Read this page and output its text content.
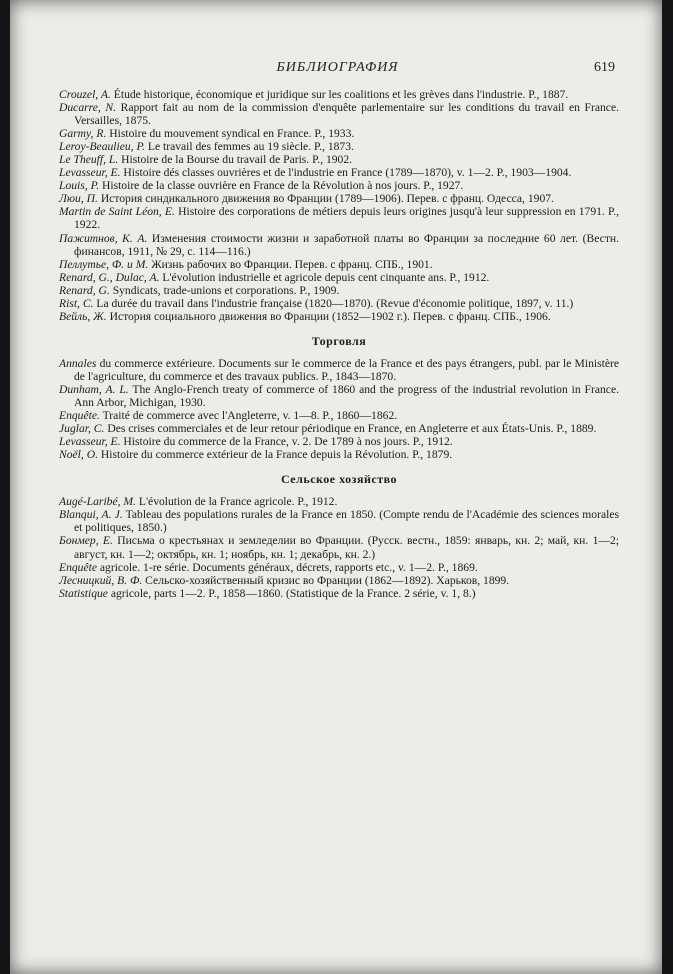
БИБЛИОГРАФИЯ	619
Crouzel, A. Étude historique, économique et juridique sur les coalitions et les grèves dans l'industrie. P., 1887.
Ducarre, N. Rapport fait au nom de la commission d'enquête parlementaire sur les conditions du travail en France. Versailles, 1875.
Garmy, R. Histoire du mouvement syndical en France. P., 1933.
Leroy-Beaulieu, P. Le travail des femmes au 19 siècle. P., 1873.
Le Theuff, L. Histoire de la Bourse du travail de Paris. P., 1902.
Levasseur, E. Histoire dés classes ouvrières et de l'industrie en France (1789—1870), v. 1—2. P., 1903—1904.
Louis, P. Histoire de la classe ouvrière en France de la Révolution à nos jours. P., 1927.
Люи, П. История синдикального движения во Франции (1789—1906). Перев. с франц. Одесса, 1907.
Martin de Saint Léon, E. Histoire des corporations de métiers depuis leurs origines jusqu'à leur suppression en 1791. P., 1922.
Пажитнов, К. А. Изменения стоимости жизни и заработной платы во Франции за последние 60 лет. (Вестн. финансов, 1911, № 29, с. 114—116.)
Пеллутье, Ф. и М. Жизнь рабочих во Франции. Перев. с франц. СПБ., 1901.
Renard, G., Dulac, A. L'évolution industrielle et agricole depuis cent cinquante ans. P., 1912.
Renard, G. Syndicats, trade-unions et corporations. P., 1909.
Rist, C. La durée du travail dans l'industrie française (1820—1870). (Revue d'économie politique, 1897, v. 11.)
Вейль, Ж. История социального движения во Франции (1852—1902 г.). Перев. с франц. СПБ., 1906.
Торговля
Annales du commerce extérieure. Documents sur le commerce de la France et des pays étrangers, publ. par le Ministère de l'agriculture, du commerce et des travaux publics. P., 1843—1870.
Dunham, A. L. The Anglo-French treaty of commerce of 1860 and the progress of the industrial revolution in France. Ann Arbor, Michigan, 1930.
Enquête. Traité de commerce avec l'Angleterre, v. 1—8. P., 1860—1862.
Juglar, C. Des crises commerciales et de leur retour périodique en France, en Angleterre et aux États-Unis. P., 1889.
Levasseur, E. Histoire du commerce de la France, v. 2. De 1789 à nos jours. P., 1912.
Noël, O. Histoire du commerce extérieur de la France depuis la Révolution. P., 1879.
Сельское хозяйство
Augé-Laribé, M. L'évolution de la France agricole. P., 1912.
Blanqui, A. J. Tableau des populations rurales de la France en 1850. (Compte rendu de l'Académie des sciences morales et politiques, 1850.)
Бонмер, Е. Письма о крестьянах и земледелии во Франции. (Русск. вестн., 1859: январь, кн. 2; май, кн. 1—2; август, кн. 1—2; октябрь, кн. 1; ноябрь, кн. 1; декабрь, кн. 2.)
Enquête agricole. 1-re série. Documents généraux, décrets, rapports etc., v. 1—2. P., 1869.
Лесницкий, В. Ф. Сельско-хозяйственный кризис во Франции (1862—1892). Харьков, 1899.
Statistique agricole, parts 1—2. P., 1858—1860. (Statistique de la France. 2 série, v. 1, 8.)
